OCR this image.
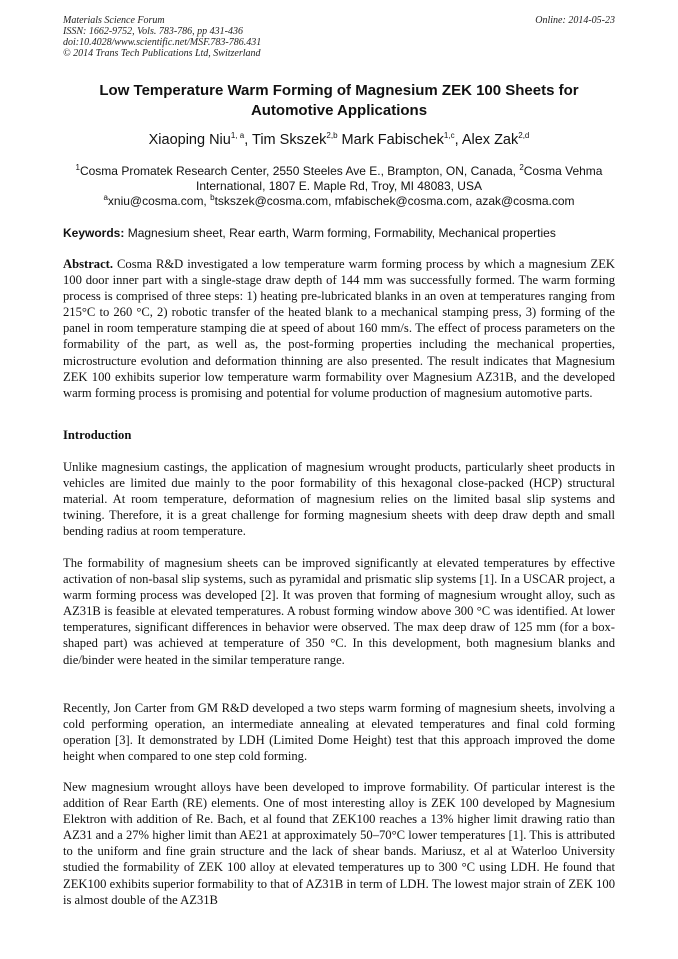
Materials Science Forum
ISSN: 1662-9752, Vols. 783-786, pp 431-436
doi:10.4028/www.scientific.net/MSF.783-786.431
© 2014 Trans Tech Publications Ltd, Switzerland
Online: 2014-05-23
Low Temperature Warm Forming of Magnesium ZEK 100 Sheets for Automotive Applications
Xiaoping Niu$^{1, a}$, Tim Skszek$^{2,b}$ Mark Fabischek$^{1,c}$, Alex Zak$^{2,d}$
$^1$Cosma Promatek Research Center, 2550 Steeles Ave E., Brampton, ON, Canada, $^2$Cosma Vehma International, 1807 E. Maple Rd, Troy, MI 48083, USA
$^a$xniu@cosma.com, $^b$tskszek@cosma.com, mfabischek@cosma.com, azak@cosma.com
Keywords: Magnesium sheet, Rear earth, Warm forming, Formability, Mechanical properties
Abstract. Cosma R&D investigated a low temperature warm forming process by which a magnesium ZEK 100 door inner part with a single-stage draw depth of 144 mm was successfully formed. The warm forming process is comprised of three steps: 1) heating pre-lubricated blanks in an oven at temperatures ranging from 215°C to 260 °C, 2) robotic transfer of the heated blank to a mechanical stamping press, 3) forming of the panel in room temperature stamping die at speed of about 160 mm/s. The effect of process parameters on the formability of the part, as well as, the post-forming properties including the mechanical properties, microstructure evolution and deformation thinning are also presented. The result indicates that Magnesium ZEK 100 exhibits superior low temperature warm formability over Magnesium AZ31B, and the developed warm forming process is promising and potential for volume production of magnesium automotive parts.
Introduction
Unlike magnesium castings, the application of magnesium wrought products, particularly sheet products in vehicles are limited due mainly to the poor formability of this hexagonal close-packed (HCP) structural material. At room temperature, deformation of magnesium relies on the limited basal slip systems and twining. Therefore, it is a great challenge for forming magnesium sheets with deep draw depth and small bending radius at room temperature.
The formability of magnesium sheets can be improved significantly at elevated temperatures by effective activation of non-basal slip systems, such as pyramidal and prismatic slip systems [1]. In a USCAR project, a warm forming process was developed [2]. It was proven that forming of magnesium wrought alloy, such as AZ31B is feasible at elevated temperatures. A robust forming window above 300 °C was identified. At lower temperatures, significant differences in behavior were observed. The max deep draw of 125 mm (for a box-shaped part) was achieved at temperature of 350 °C. In this development, both magnesium blanks and die/binder were heated in the similar temperature range.
Recently, Jon Carter from GM R&D developed a two steps warm forming of magnesium sheets, involving a cold performing operation, an intermediate annealing at elevated temperatures and final cold forming operation [3]. It demonstrated by LDH (Limited Dome Height) test that this approach improved the dome height when compared to one step cold forming.
New magnesium wrought alloys have been developed to improve formability. Of particular interest is the addition of Rear Earth (RE) elements. One of most interesting alloy is ZEK 100 developed by Magnesium Elektron with addition of Re. Bach, et al found that ZEK100 reaches a 13% higher limit drawing ratio than AZ31 and a 27% higher limit than AE21 at approximately 50–70°C lower temperatures [1]. This is attributed to the uniform and fine grain structure and the lack of shear bands. Mariusz, et al at Waterloo University studied the formability of ZEK 100 alloy at elevated temperatures up to 300 °C using LDH. He found that ZEK100 exhibits superior formability to that of AZ31B in term of LDH. The lowest major strain of ZEK 100 is almost double of the AZ31B
